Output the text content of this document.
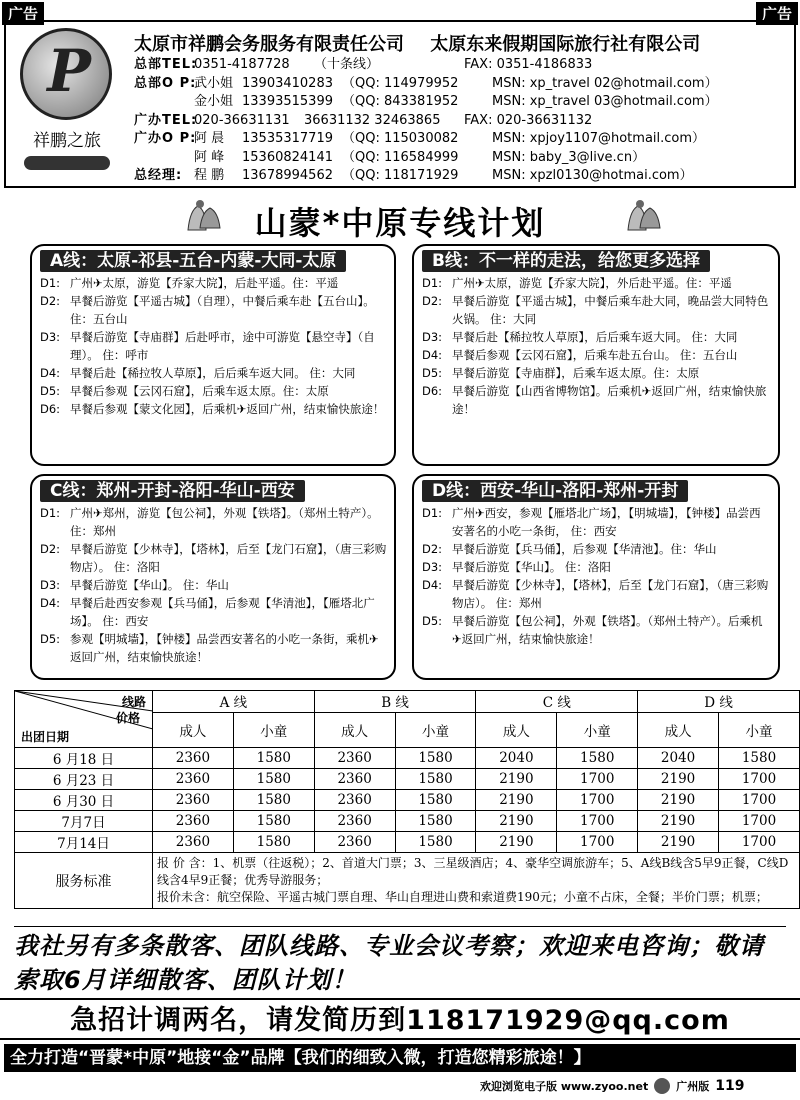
广告	广告
P
祥鹏之旅
太原市祥鹏会务服务有限责任公司 太原东来假期国际旅行社有限公司
总部TEL:
0351-4187728	（十条线）	FAX: 0351-4186833
总部O P:
武小姐 13903410283 （QQ: 114979952	MSN: xp_travel 02@hotmail.com）
金小姐 13393515399 （QQ: 843381952	MSN: xp_travel 03@hotmail.com）
广办TEL:
020-36631131	36631132 32463865	FAX: 020-36631132
广办O P:
阿 晨	13535317719 （QQ: 115030082	MSN: xpjoy1107@hotmail.com）
阿 峰	15360824141 （QQ: 116584999	MSN: baby_3@live.cn）
总经理: 程 鹏	13678994562 （QQ: 118171929	MSN: xpzl0130@hotmai.com）
山蒙*中原专线计划
A线：太原-祁县-五台-内蒙-大同-太原
D1: 广州✈太原，游览【乔家大院】，后赴平遥。住：平遥
D2: 早餐后游览【平遥古城】（自理），中餐后乘车赴【五台山】。 住：五台山
D3: 早餐后游览【寺庙群】后赴呼市，途中可游览【悬空寺】（自理）。 住：呼市
D4: 早餐后赴【稀拉牧人草原】，后后乘车返大同。 住：大同
D5: 早餐后参观【云冈石窟】，后乘车返太原。住：太原
D6: 早餐后参观【蒙文化园】，后乘机✈返回广州，结束愉快旅途！
B线：不一样的走法，给您更多选择
D1: 广州✈太原，游览【乔家大院】，外后赴平遥。住：平遥
D2: 早餐后游览【平遥古城】，中餐后乘车赴大同，晚品尝大同特色火锅。 住：大同
D3: 早餐后赴【稀拉牧人草原】，后后乘车返大同。 住：大同
D4: 早餐后参观【云冈石窟】，后乘车赴五台山。 住：五台山
D5: 早餐后游览【寺庙群】，后乘车返太原。住：太原
D6: 早餐后游览【山西省博物馆】。后乘机✈返回广州，结束愉快旅途！
C线：郑州-开封-洛阳-华山-西安
D1: 广州✈郑州，游览【包公祠】，外观【铁塔】。（郑州土特产）。 住：郑州
D2: 早餐后游览【少林寺】，【塔林】，后至【龙门石窟】，（唐三彩购物店）。 住：洛阳
D3: 早餐后游览【华山】。 住：华山
D4: 早餐后赴西安参观【兵马俑】，后参观【华清池】，【雁塔北广场】。 住：西安
D5: 参观【明城墙】，【钟楼】品尝西安著名的小吃一条街，乘机✈返回广州，结束愉快旅途！
D线：西安-华山-洛阳-郑州-开封
D1: 广州✈西安，参观【雁塔北广场】，【明城墙】，【钟楼】品尝西安著名的小吃一条街， 住：西安
D2: 早餐后游览【兵马俑】，后参观【华清池】。住：华山
D3: 早餐后游览【华山】。 住：洛阳
D4: 早餐后游览【少林寺】，【塔林】，后至【龙门石窟】，（唐三彩购物店）。 住：郑州
D5: 早餐后游览【包公祠】，外观【铁塔】。（郑州土特产）。后乘机✈返回广州，结束愉快旅途！
线路
价格
出团日期	A 线		B 线		C 线		D 线	
	成人	小童	成人	小童	成人	小童	成人	小童
6 月18 日	2360	1580	2360	1580	2040	1580	2040	1580
6 月23 日	2360	1580	2360	1580	2190	1700	2190	1700
6 月30 日	2360	1580	2360	1580	2190	1700	2190	1700
7月7日	2360	1580	2360	1580	2190	1700	2190	1700
7月14日	2360	1580	2360	1580	2190	1700	2190	1700
服务标准	报 价 含：1、机票（往返税）；2、首道大门票；3、三星级酒店；4、豪华空调旅游车；5、A线B线含5早9正餐，C线D线含4早9正餐；优秀导游服务；
报价未含：航空保险、平遥古城门票自理、华山自理进山费和索道费190元；小童不占床，全餐；半价门票；机票；							
我社另有多条散客、团队线路、专业会议考察；欢迎来电咨询；敬请索取6月详细散客、团队计划！
急招计调两名，请发简历到118171929@qq.com
全力打造“晋蒙*中原”地接“金”品牌【我们的细致入微，打造您精彩旅途！】
欢迎浏览电子版 www.zyoo.net	广州版 119
